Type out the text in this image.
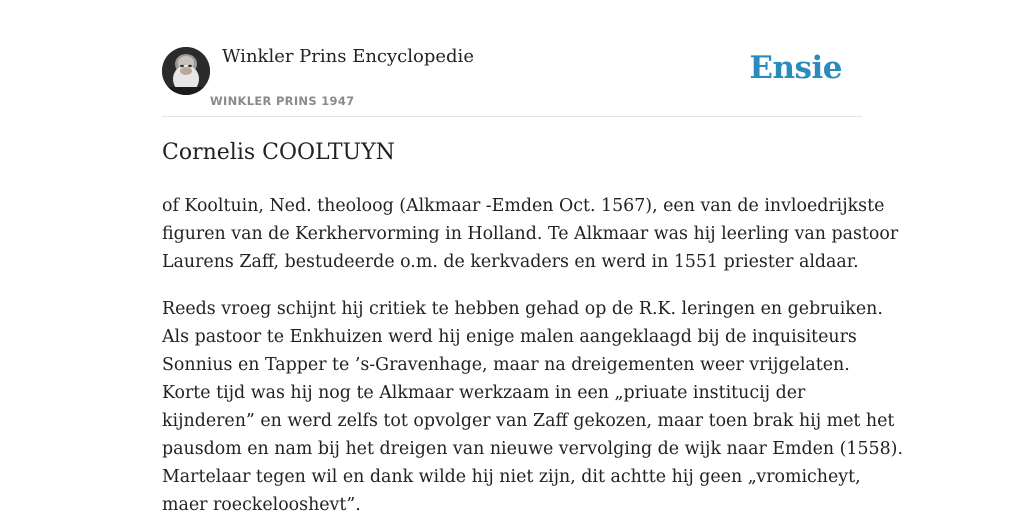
Winkler Prins Encyclopedie
WINKLER PRINS 1947
Ensie
Cornelis COOLTUYN
of Kooltuin, Ned. theoloog (Alkmaar -Emden Oct. 1567), een van de invloedrijkste
figuren van de Kerkhervorming in Holland. Te Alkmaar was hij leerling van pastoor
Laurens Zaff, bestudeerde o.m. de kerkvaders en werd in 1551 priester aldaar.
Reeds vroeg schijnt hij critiek te hebben gehad op de R.K. leringen en gebruiken.
Als pastoor te Enkhuizen werd hij enige malen aangeklaagd bij de inquisiteurs
Sonnius en Tapper te ’s-Gravenhage, maar na dreigementen weer vrijgelaten.
Korte tijd was hij nog te Alkmaar werkzaam in een „priuate institucij der
kijnderen” en werd zelfs tot opvolger van Zaff gekozen, maar toen brak hij met het
pausdom en nam bij het dreigen van nieuwe vervolging de wijk naar Emden (1558).
Martelaar tegen wil en dank wilde hij niet zijn, dit achtte hij geen „vromicheyt,
maer roeckelooshevt”.
